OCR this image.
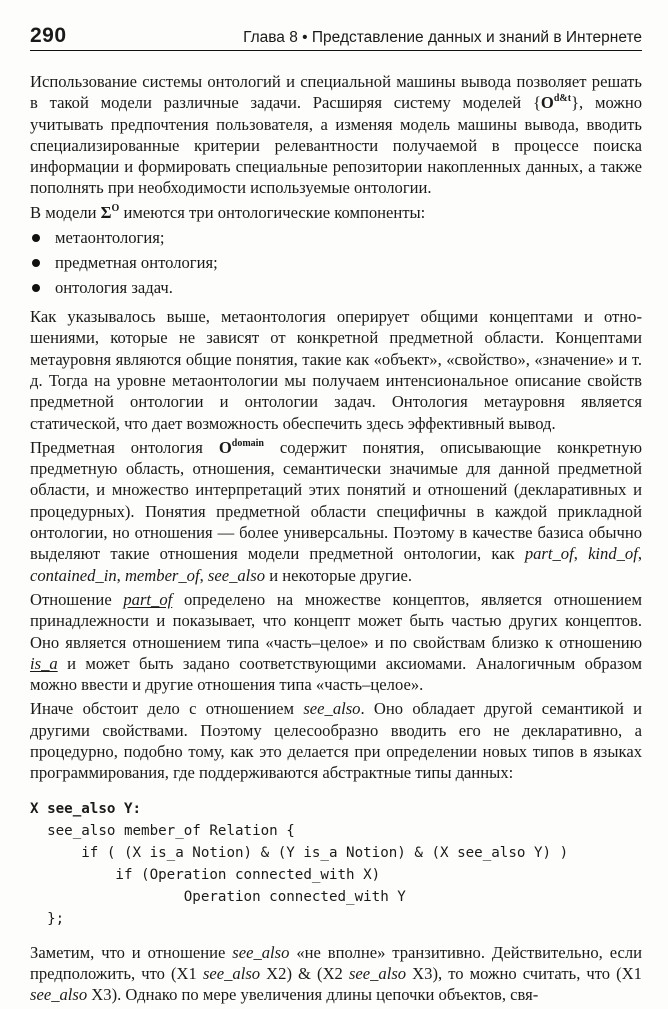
290	Глава 8 • Представление данных и знаний в Интернете

Использование системы онтологий и специальной машины вывода позволяет решать в такой модели различные задачи. Расширяя систему моделей $\{O^{d\&t}\}$, можно учитывать предпочтения пользователя, а изменяя модель машины вывода, вводить специализированные критерии релевантности получаемой в процессе поиска информации и формировать специальные репозитории накопленных данных, а также пополнять при необходимости используемые онтологии.

В модели $\Sigma^O$ имеются три онтологические компоненты:

метаонтология;
предметная онтология;
онтология задач.

Как указывалось выше, метаонтология оперирует общими концептами и отношениями, которые не зависят от конкретной предметной области. Концептами метауровня являются общие понятия, такие как «объект», «свойство», «значение» и т. д. Тогда на уровне метаонтологии мы получаем интенсиональное описание свойств предметной онтологии и онтологии задач. Онтология метауровня является статической, что дает возможность обеспечить здесь эффективный вывод.

Предметная онтология $O^{domain}$ содержит понятия, описывающие конкретную предметную область, отношения, семантически значимые для данной предметной области, и множество интерпретаций этих понятий и отношений (декларативных и процедурных). Понятия предметной области специфичны в каждой прикладной онтологии, но отношения — более универсальны. Поэтому в качестве базиса обычно выделяют такие отношения модели предметной онтологии, как part_of, kind_of, contained_in, member_of, see_also и некоторые другие.

Отношение part_of определено на множестве концептов, является отношением принадлежности и показывает, что концепт может быть частью других концептов. Оно является отношением типа «часть–целое» и по свойствам близко к отношению is_a и может быть задано соответствующими аксиомами. Аналогичным образом можно ввести и другие отношения типа «часть–целое».

Иначе обстоит дело с отношением see_also. Оно обладает другой семантикой и другими свойствами. Поэтому целесообразно вводить его не декларативно, а процедурно, подобно тому, как это делается при определении новых типов в языках программирования, где поддерживаются абстрактные типы данных:

X see_also Y:
see_also member_of Relation {
if ( (X is_a Notion) & (Y is_a Notion) & (X see_also Y) )
if (Operation connected_with X)
Operation connected_with Y
};

Заметим, что и отношение see_also «не вполне» транзитивно. Действительно, если предположить, что (X1 see_also X2) & (X2 see_also X3), то можно считать, что (X1 see_also X3). Однако по мере увеличения длины цепочки объектов, свя-
